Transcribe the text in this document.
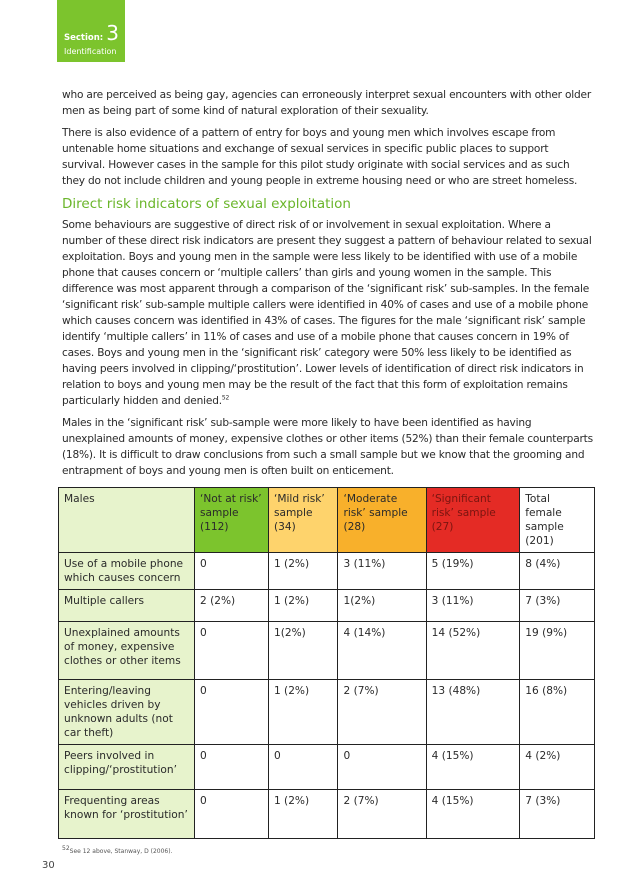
Section: 3
Identification

who are perceived as being gay, agencies can erroneously interpret sexual encounters with other older men as being part of some kind of natural exploration of their sexuality.

There is also evidence of a pattern of entry for boys and young men which involves escape from untenable home situations and exchange of sexual services in specific public places to support survival. However cases in the sample for this pilot study originate with social services and as such they do not include children and young people in extreme housing need or who are street homeless.

Direct risk indicators of sexual exploitation

Some behaviours are suggestive of direct risk of or involvement in sexual exploitation. Where a number of these direct risk indicators are present they suggest a pattern of behaviour related to sexual exploitation. Boys and young men in the sample were less likely to be identified with use of a mobile phone that causes concern or ‘multiple callers’ than girls and young women in the sample. This difference was most apparent through a comparison of the ‘significant risk’ sub-samples. In the female ‘significant risk’ sub-sample multiple callers were identified in 40% of cases and use of a mobile phone which causes concern was identified in 43% of cases. The figures for the male ‘significant risk’ sample identify ‘multiple callers’ in 11% of cases and use of a mobile phone that causes concern in 19% of cases. Boys and young men in the ‘significant risk’ category were 50% less likely to be identified as having peers involved in clipping/‘prostitution’. Lower levels of identification of direct risk indicators in relation to boys and young men may be the result of the fact that this form of exploitation remains particularly hidden and denied.$^{52}$

Males in the ‘significant risk’ sub-sample were more likely to have been identified as having unexplained amounts of money, expensive clothes or other items (52%) than their female counterparts (18%). It is difficult to draw conclusions from such a small sample but we know that the grooming and entrapment of boys and young men is often built on enticement.

Males	‘Not at risk’ sample (112)	‘Mild risk’ sample (34)	‘Moderate risk’ sample (28)	‘Significant risk’ sample (27)	Total female sample (201)
Use of a mobile phone which causes concern	0	1 (2%)	3 (11%)	5 (19%)	8 (4%)
Multiple callers	2 (2%)	1 (2%)	1(2%)	3 (11%)	7 (3%)
Unexplained amounts of money, expensive clothes or other items	0	1(2%)	4 (14%)	14 (52%)	19 (9%)
Entering/leaving vehicles driven by unknown adults (not car theft)	0	1 (2%)	2 (7%)	13 (48%)	16 (8%)
Peers involved in clipping/‘prostitution’	0	0	0	4 (15%)	4 (2%)
Frequenting areas known for ‘prostitution’	0	1 (2%)	2 (7%)	4 (15%)	7 (3%)
$^{52}$See 12 above, Stanway, D (2006).
30
